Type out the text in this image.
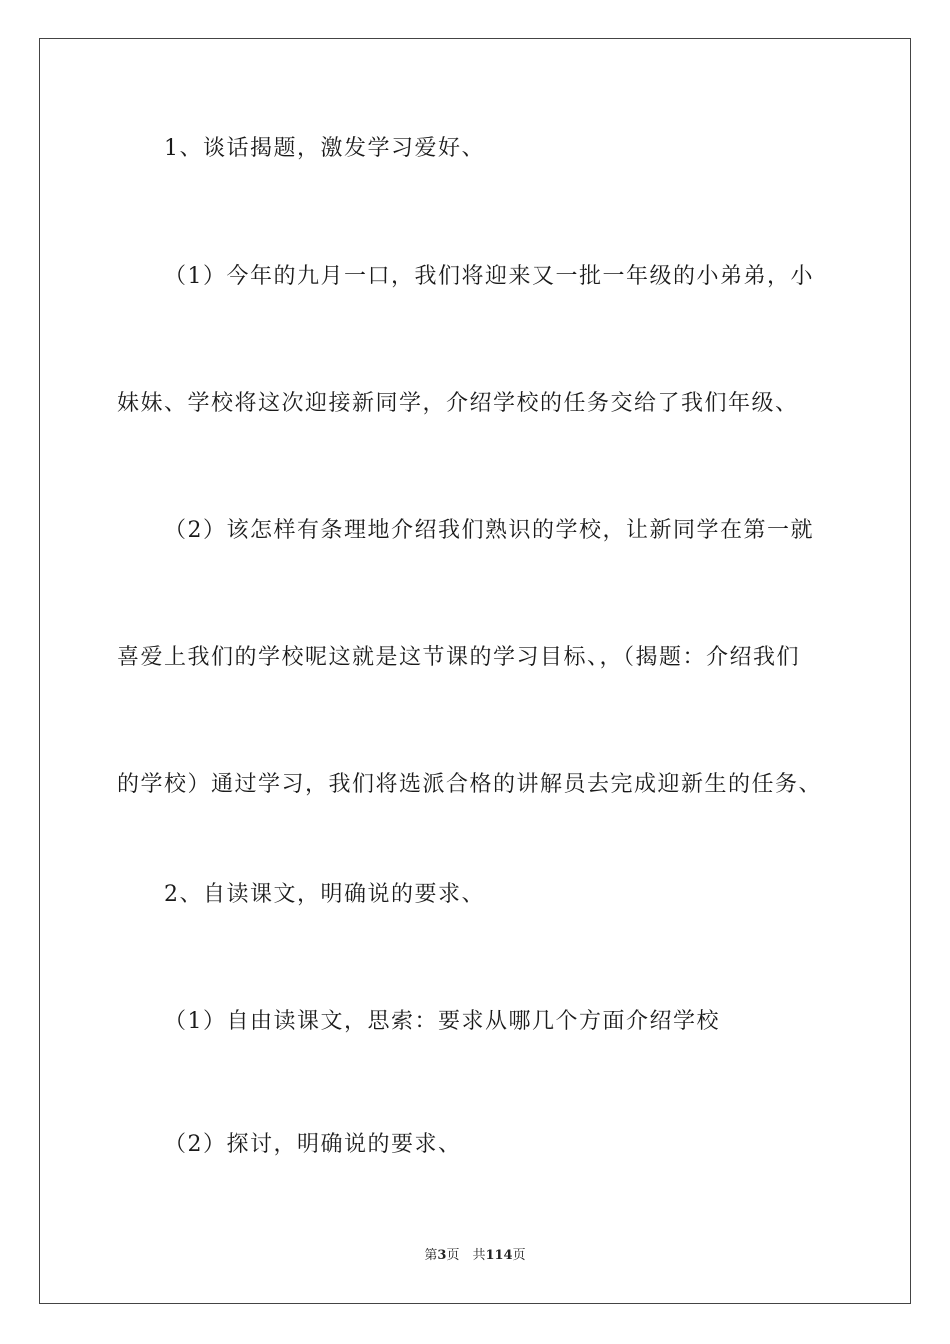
1、谈话揭题，激发学习爱好、
（1）今年的九月一口，我们将迎来又一批一年级的小弟弟，小
妹妹、学校将这次迎接新同学，介绍学校的任务交给了我们年级、
（2）该怎样有条理地介绍我们熟识的学校，让新同学在第一就
喜爱上我们的学校呢这就是这节课的学习目标、，（揭题：介绍我们
的学校）通过学习，我们将选派合格的讲解员去完成迎新生的任务、
2、自读课文，明确说的要求、
（1）自由读课文，思索：要求从哪几个方面介绍学校
（2）探讨，明确说的要求、
第3页　共114页
